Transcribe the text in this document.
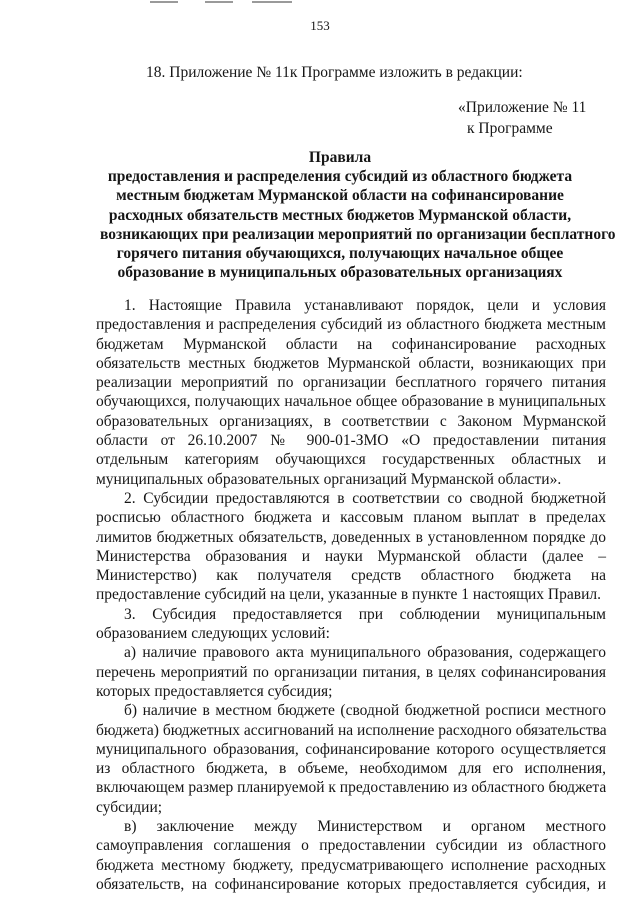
153
18. Приложение № 11к Программе изложить в редакции:
«Приложение № 11
к Программе
Правила
предоставления и распределения субсидий из областного бюджета
местным бюджетам Мурманской области на софинансирование
расходных обязательств местных бюджетов Мурманской области,
возникающих при реализации мероприятий по организации бесплатного
горячего питания обучающихся, получающих начальное общее
образование в муниципальных образовательных организациях
1. Настоящие Правила устанавливают порядок, цели и условия
предоставления и распределения субсидий из областного бюджета местным
бюджетам Мурманской области на софинансирование расходных
обязательств местных бюджетов Мурманской области, возникающих при
реализации мероприятий по организации бесплатного горячего питания
обучающихся, получающих начальное общее образование в муниципальных
образовательных организациях, в соответствии с Законом Мурманской
области от 26.10.2007 № 900-01-ЗМО «О предоставлении питания
отдельным категориям обучающихся государственных областных и
муниципальных образовательных организаций Мурманской области».
2. Субсидии предоставляются в соответствии со сводной бюджетной
росписью областного бюджета и кассовым планом выплат в пределах
лимитов бюджетных обязательств, доведенных в установленном порядке до
Министерства образования и науки Мурманской области (далее –
Министерство) как получателя средств областного бюджета на
предоставление субсидий на цели, указанные в пункте 1 настоящих Правил.
3. Субсидия предоставляется при соблюдении муниципальным
образованием следующих условий:
а) наличие правового акта муниципального образования, содержащего
перечень мероприятий по организации питания, в целях софинансирования
которых предоставляется субсидия;
б) наличие в местном бюджете (сводной бюджетной росписи местного
бюджета) бюджетных ассигнований на исполнение расходного обязательства
муниципального образования, софинансирование которого осуществляется
из областного бюджета, в объеме, необходимом для его исполнения,
включающем размер планируемой к предоставлению из областного бюджета
субсидии;
в) заключение между Министерством и органом местного
самоуправления соглашения о предоставлении субсидии из областного
бюджета местному бюджету, предусматривающего исполнение расходных
обязательств, на софинансирование которых предоставляется субсидия, и
